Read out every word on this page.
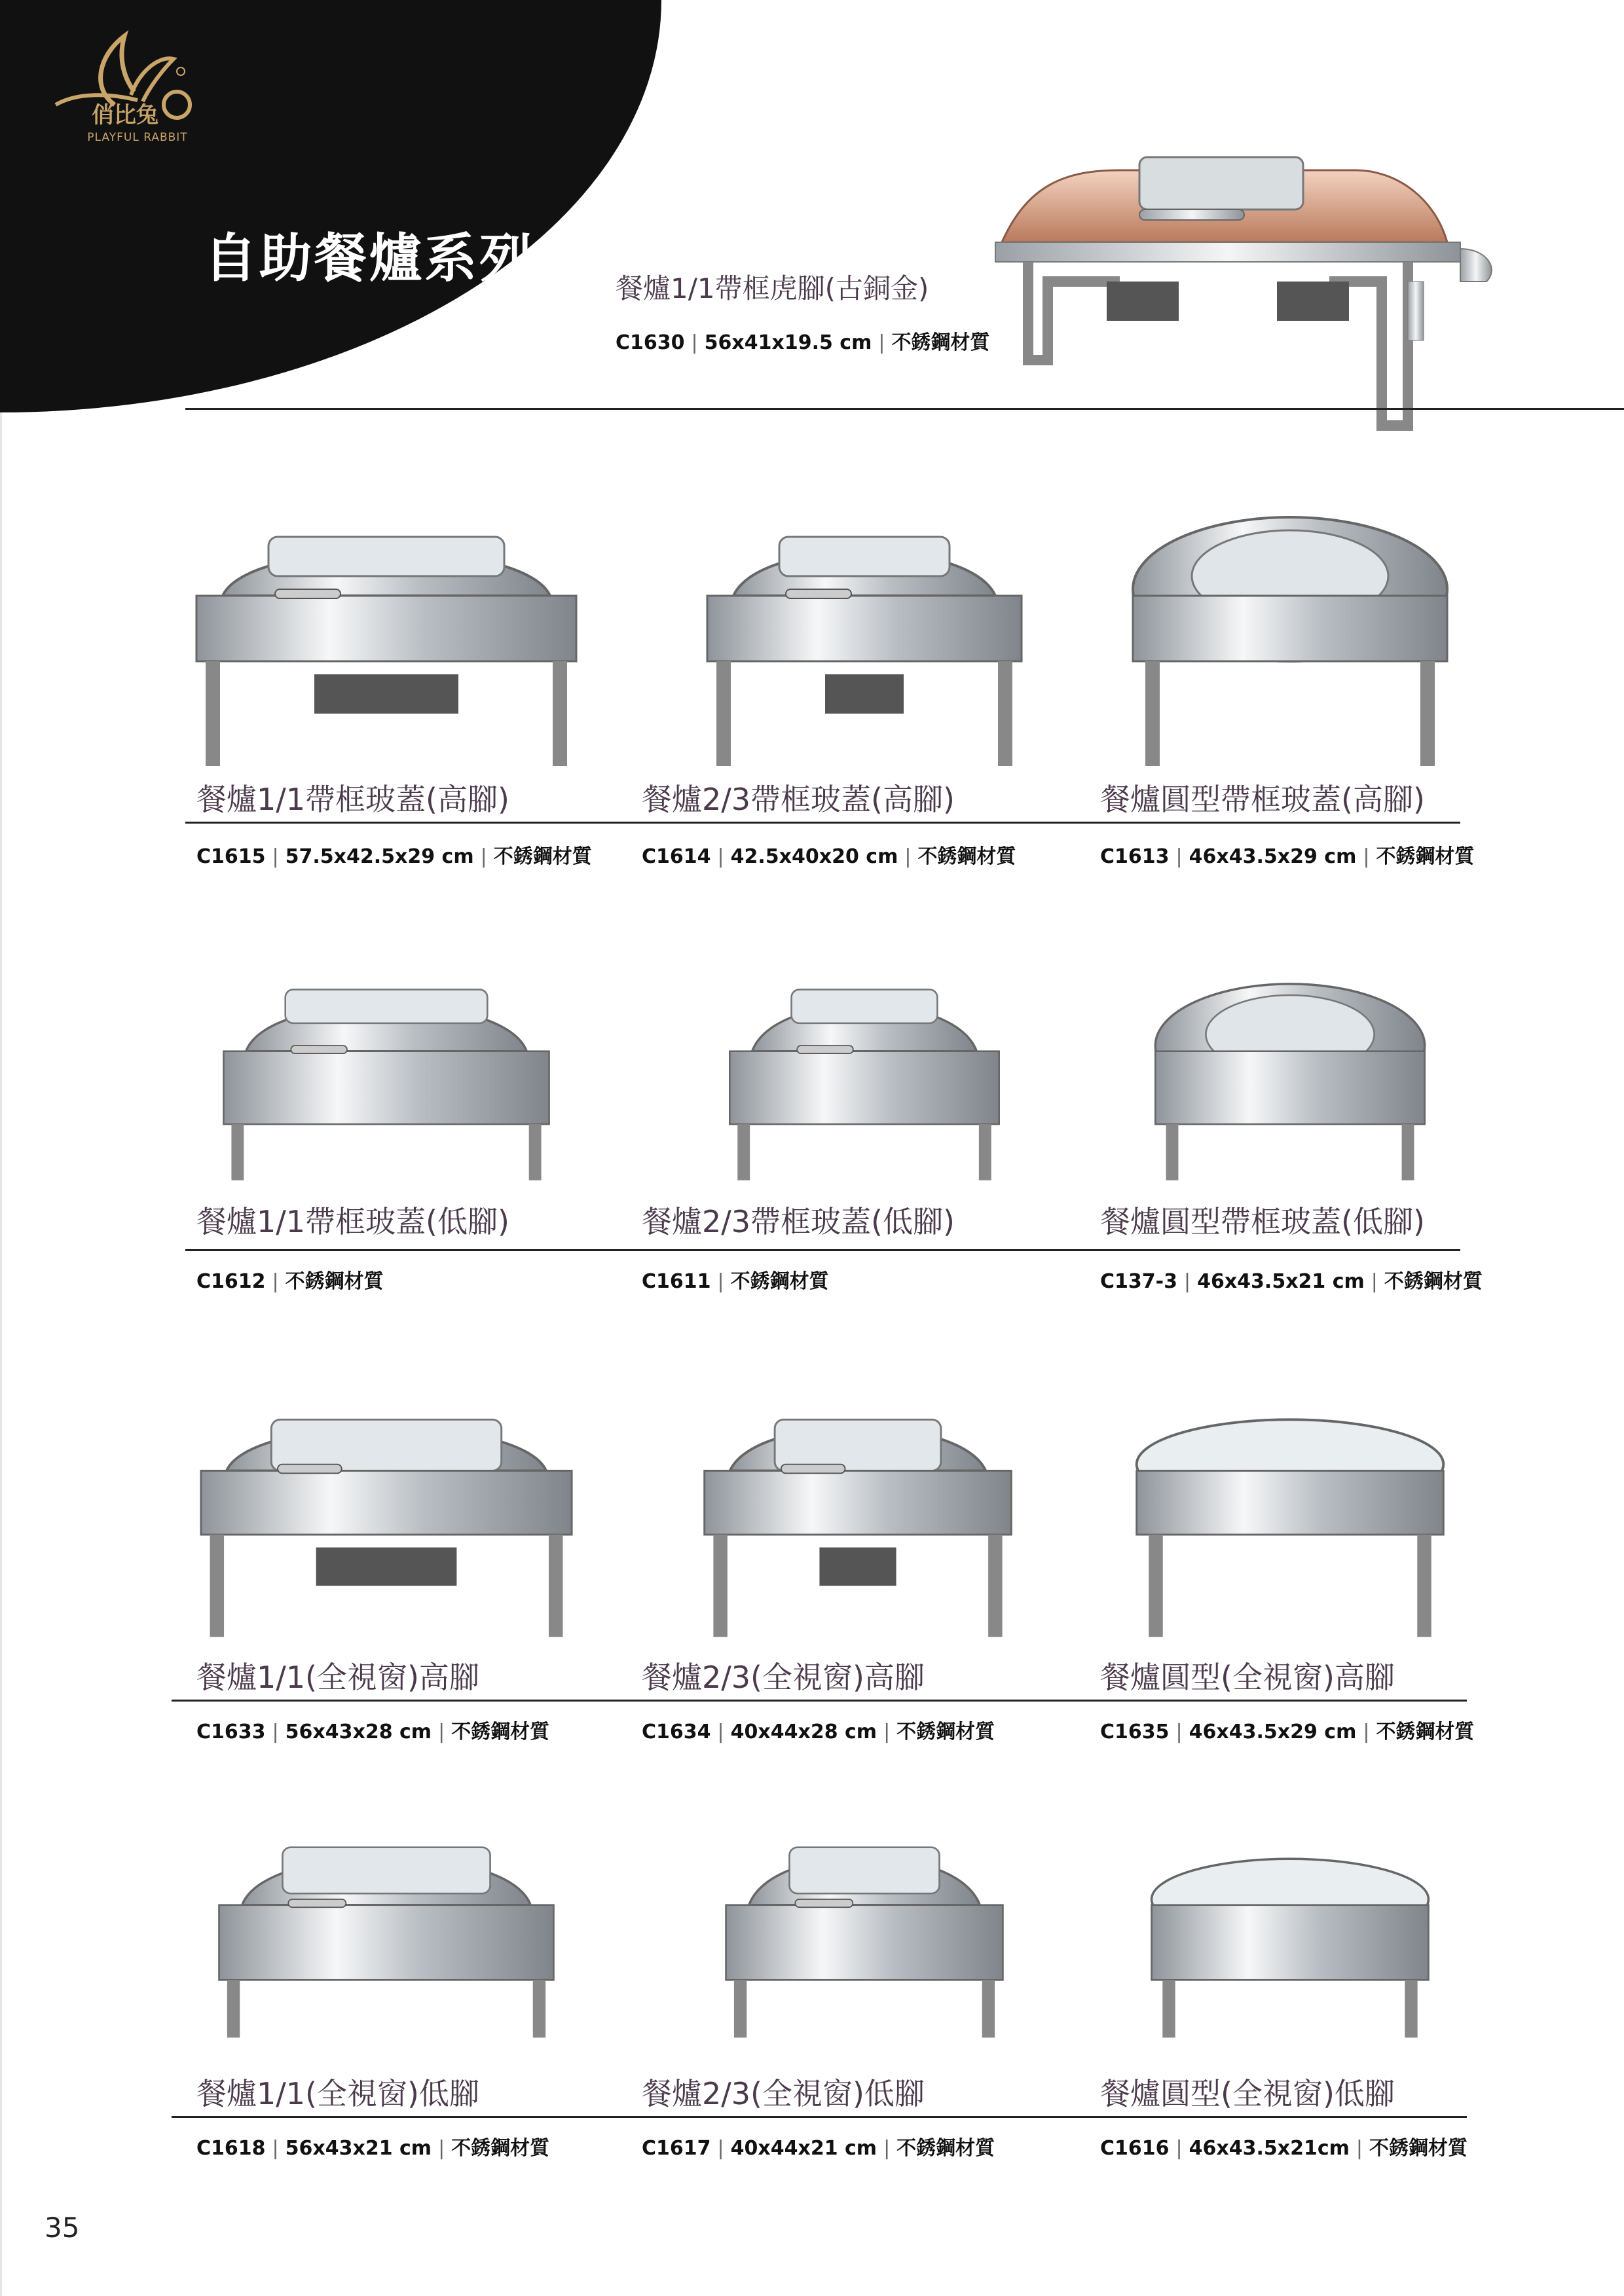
俏比兔
PLAYFUL RABBIT
自助餐爐系列	餐爐1/1帶框虎腳(古銅金)
C1630 | 56x41x19.5 cm | 不銹鋼材質
餐爐1/1帶框玻蓋(高腳)
C1615 | 57.5x42.5x29 cm | 不銹鋼材質
餐爐2/3帶框玻蓋(高腳)
C1614 | 42.5x40x20 cm | 不銹鋼材質
餐爐圓型帶框玻蓋(高腳)
C1613 | 46x43.5x29 cm | 不銹鋼材質
餐爐1/1帶框玻蓋(低腳)
C1612 | 不銹鋼材質
餐爐2/3帶框玻蓋(低腳)
C1611 | 不銹鋼材質
餐爐圓型帶框玻蓋(低腳)
C137-3 | 46x43.5x21 cm | 不銹鋼材質
餐爐1/1(全視窗)高腳
C1633 | 56x43x28 cm | 不銹鋼材質
餐爐2/3(全視窗)高腳
C1634 | 40x44x28 cm | 不銹鋼材質
餐爐圓型(全視窗)高腳
C1635 | 46x43.5x29 cm | 不銹鋼材質
餐爐1/1(全視窗)低腳
C1618 | 56x43x21 cm | 不銹鋼材質
餐爐2/3(全視窗)低腳
C1617 | 40x44x21 cm | 不銹鋼材質
餐爐圓型(全視窗)低腳
C1616 | 46x43.5x21cm | 不銹鋼材質
35
